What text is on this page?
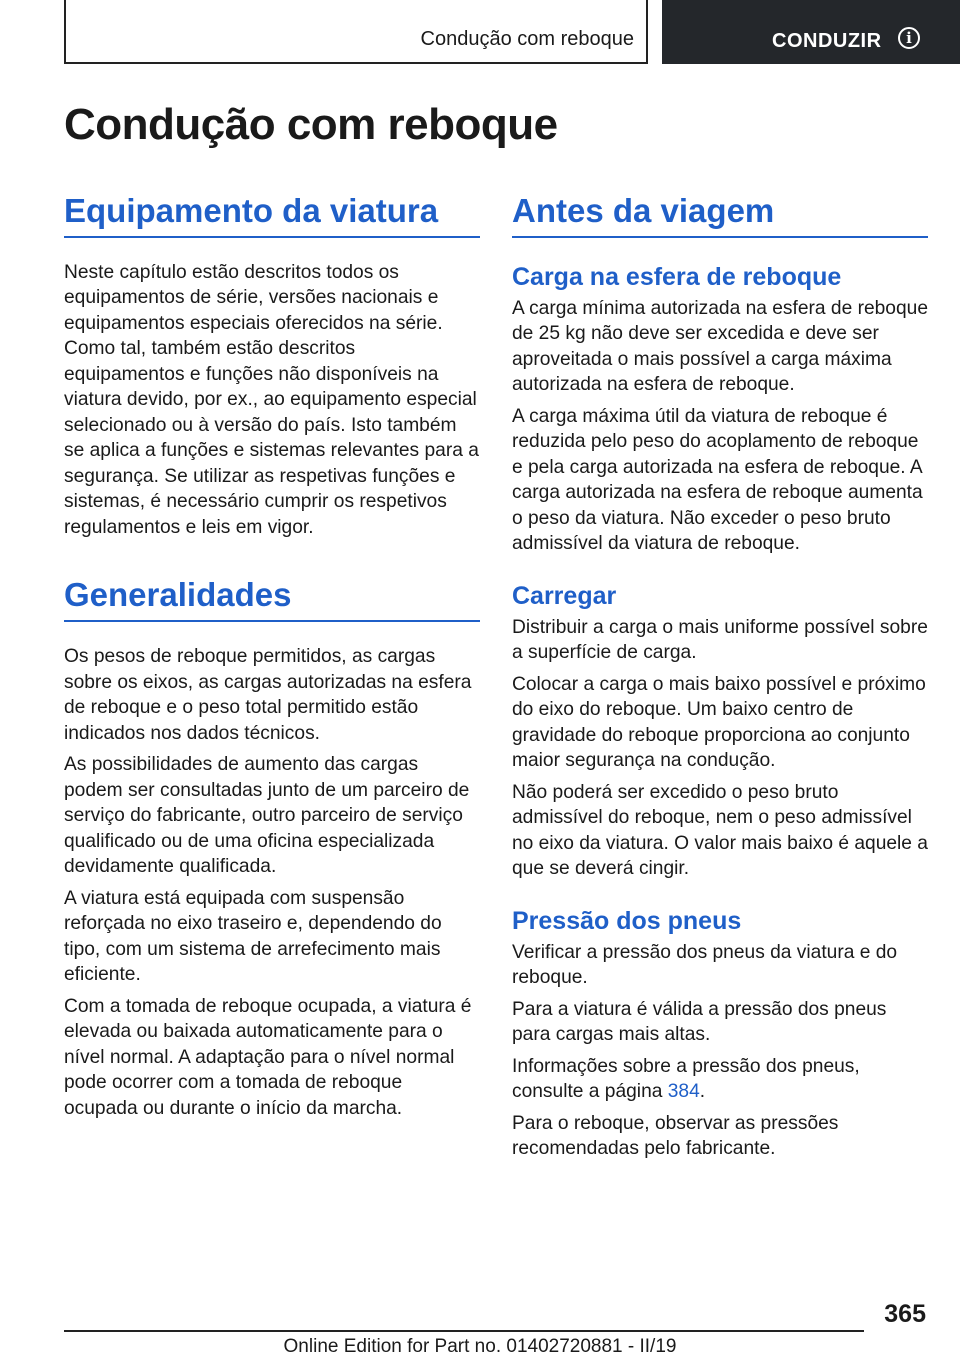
Condução com reboque	CONDUZIR	i
Condução com reboque
Equipamento da viatura

Neste capítulo estão descritos todos os equipamentos de série, versões nacionais e equipamentos especiais oferecidos na série. Como tal, também estão descritos equipamentos e funções não disponíveis na viatura devido, por ex., ao equipamento especial selecionado ou à versão do país. Isto também se aplica a funções e sistemas relevantes para a segurança. Se utilizar as respetivas funções e sistemas, é necessário cumprir os respetivos regulamentos e leis em vigor.

Generalidades

Os pesos de reboque permitidos, as cargas sobre os eixos, as cargas autorizadas na esfera de reboque e o peso total permitido estão indicados nos dados técnicos.

As possibilidades de aumento das cargas podem ser consultadas junto de um parceiro de serviço do fabricante, outro parceiro de serviço qualificado ou de uma oficina especializada devidamente qualificada.

A viatura está equipada com suspensão reforçada no eixo traseiro e, dependendo do tipo, com um sistema de arrefecimento mais eficiente.

Com a tomada de reboque ocupada, a viatura é elevada ou baixada automaticamente para o nível normal. A adaptação para o nível normal pode ocorrer com a tomada de reboque ocupada ou durante o início da marcha.

Antes da viagem
Carga na esfera de reboque

A carga mínima autorizada na esfera de reboque de 25 kg não deve ser excedida e deve ser aproveitada o mais possível a carga máxima autorizada na esfera de reboque.

A carga máxima útil da viatura de reboque é reduzida pelo peso do acoplamento de reboque e pela carga autorizada na esfera de reboque. A carga autorizada na esfera de reboque aumenta o peso da viatura. Não exceder o peso bruto admissível da viatura de reboque.

Carregar

Distribuir a carga o mais uniforme possível sobre a superfície de carga.

Colocar a carga o mais baixo possível e próximo do eixo do reboque. Um baixo centro de gravidade do reboque proporciona ao conjunto maior segurança na condução.

Não poderá ser excedido o peso bruto admissível do reboque, nem o peso admissível no eixo da viatura. O valor mais baixo é aquele a que se deverá cingir.

Pressão dos pneus

Verificar a pressão dos pneus da viatura e do reboque.

Para a viatura é válida a pressão dos pneus para cargas mais altas.

Informações sobre a pressão dos pneus, consulte a página 384.

Para o reboque, observar as pressões recomendadas pelo fabricante.

365
Online Edition for Part no. 01402720881 - II/19
